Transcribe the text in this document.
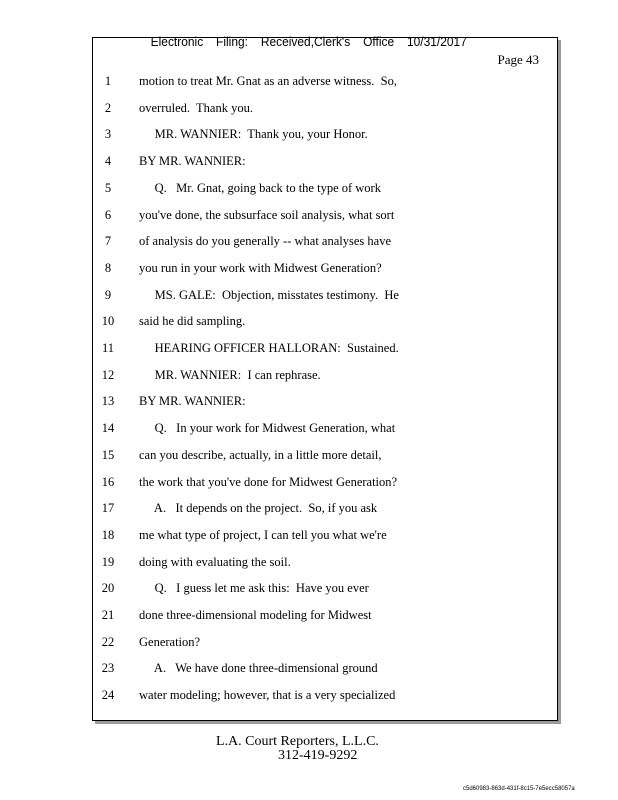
Electronic Filing: Received,Clerk's Office 10/31/2017

Page 43
1	motion to treat Mr. Gnat as an adverse witness.  So,
2	overruled.  Thank you.
3	MR. WANNIER:  Thank you, your Honor.
4	BY MR. WANNIER:
5	Q.   Mr. Gnat, going back to the type of work
6	you've done, the subsurface soil analysis, what sort
7	of analysis do you generally -- what analyses have
8	you run in your work with Midwest Generation?
9	MS. GALE:  Objection, misstates testimony.  He
10	said he did sampling.
11	HEARING OFFICER HALLORAN:  Sustained.
12	MR. WANNIER:  I can rephrase.
13	BY MR. WANNIER:
14	Q.   In your work for Midwest Generation, what
15	can you describe, actually, in a little more detail,
16	the work that you've done for Midwest Generation?
17	A.   It depends on the project.  So, if you ask
18	me what type of project, I can tell you what we're
19	doing with evaluating the soil.
20	Q.   I guess let me ask this:  Have you ever
21	done three-dimensional modeling for Midwest
22	Generation?
23	A.   We have done three-dimensional ground
24	water modeling; however, that is a very specialized
L.A. Court Reporters, L.L.C.
312-419-9292
c5d60983-863d-431f-8c15-7e5ecc58057a
